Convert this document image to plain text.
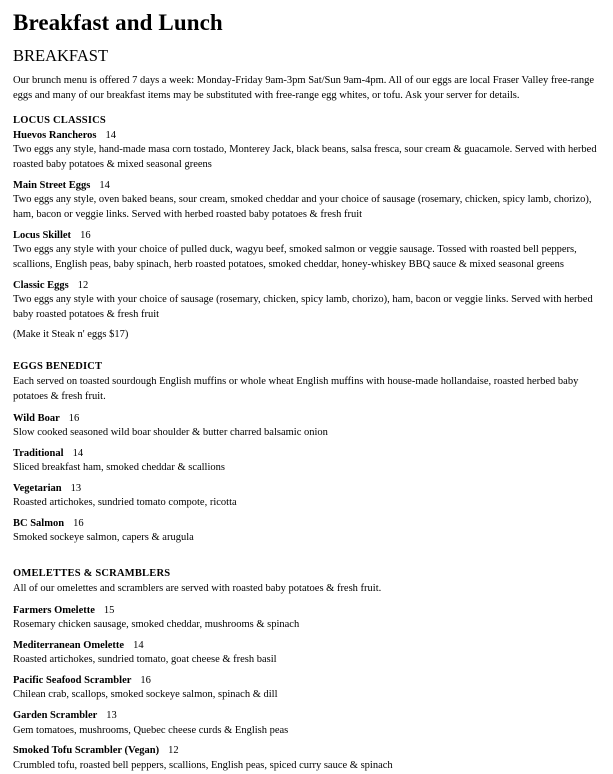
Breakfast and Lunch
BREAKFAST

Our brunch menu is offered 7 days a week: Monday-Friday 9am-3pm Sat/Sun 9am-4pm. All of our eggs are local Fraser Valley free-range eggs and many of our breakfast items may be substituted with free-range egg whites, or tofu. Ask your server for details.

LOCUS CLASSICS
Huevos Rancheros 14
Two eggs any style, hand-made masa corn tostado, Monterey Jack, black beans, salsa fresca, sour cream & guacamole. Served with herbed roasted baby potatoes & mixed seasonal greens
Main Street Eggs 14
Two eggs any style, oven baked beans, sour cream, smoked cheddar and your choice of sausage (rosemary, chicken, spicy lamb, chorizo), ham, bacon or veggie links. Served with herbed roasted baby potatoes & fresh fruit
Locus Skillet 16
Two eggs any style with your choice of pulled duck, wagyu beef, smoked salmon or veggie sausage. Tossed with roasted bell peppers, scallions, English peas, baby spinach, herb roasted potatoes, smoked cheddar, honey-whiskey BBQ sauce & mixed seasonal greens
Classic Eggs 12
Two eggs any style with your choice of sausage (rosemary, chicken, spicy lamb, chorizo), ham, bacon or veggie links. Served with herbed baby roasted potatoes & fresh fruit
(Make it Steak n' eggs $17)
EGGS BENEDICT
Each served on toasted sourdough English muffins or whole wheat English muffins with house-made hollandaise, roasted herbed baby potatoes & fresh fruit.
Wild Boar 16
Slow cooked seasoned wild boar shoulder & butter charred balsamic onion
Traditional 14
Sliced breakfast ham, smoked cheddar & scallions
Vegetarian 13
Roasted artichokes, sundried tomato compote, ricotta
BC Salmon 16
Smoked sockeye salmon, capers & arugula
OMELETTES & SCRAMBLERS
All of our omelettes and scramblers are served with roasted baby potatoes & fresh fruit.
Farmers Omelette 15
Rosemary chicken sausage, smoked cheddar, mushrooms & spinach
Mediterranean Omelette 14
Roasted artichokes, sundried tomato, goat cheese & fresh basil
Pacific Seafood Scrambler 16
Chilean crab, scallops, smoked sockeye salmon, spinach & dill
Garden Scrambler 13
Gem tomatoes, mushrooms, Quebec cheese curds & English peas
Smoked Tofu Scrambler (Vegan) 12
Crumbled tofu, roasted bell peppers, scallions, English peas, spiced curry sauce & spinach
